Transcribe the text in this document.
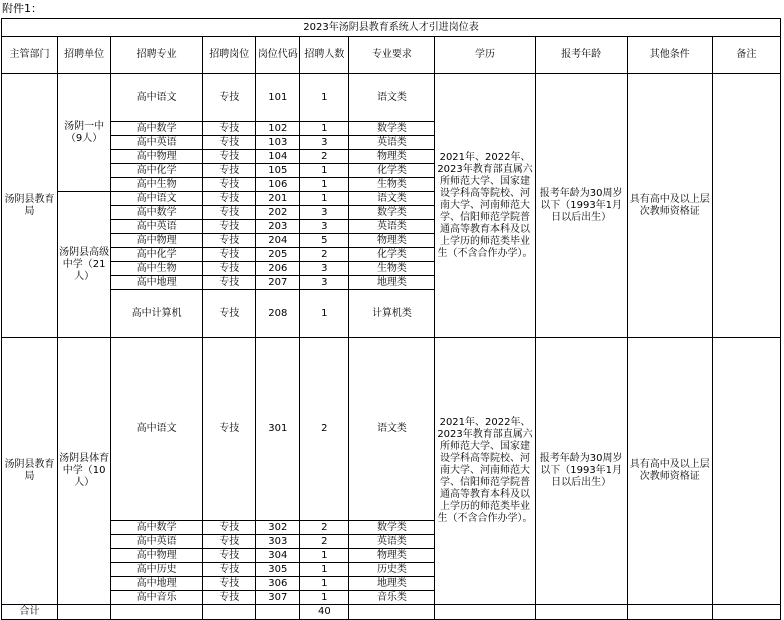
附件1：
2023年汤阴县教育系统人才引进岗位表										
主管部门	招聘单位	招聘专业	招聘岗位	岗位代码	招聘人数	专业要求	学历	报考年龄	其他条件	备注
汤阴县教育局	汤阴一中（9人）	高中语文	专技	101	1	语文类	2021年、2022年、2023年教育部直属六所师范大学、国家建设学科高等院校、河南大学、河南师范大学、信阳师范学院普通高等教育本科及以上学历的师范类毕业生（不含合作办学）。	报考年龄为30周岁以下（1993年1月日以后出生）	具有高中及以上层次教师资格证	
		高中数学	专技	102	1	数学类				
		高中英语	专技	103	3	英语类				
		高中物理	专技	104	2	物理类				
		高中化学	专技	105	1	化学类				
		高中生物	专技	106	1	生物类				
	汤阴县高级中学（21人）	高中语文	专技	201	1	语文类				
		高中数学	专技	202	3	数学类				
		高中英语	专技	203	3	英语类				
		高中物理	专技	204	5	物理类				
		高中化学	专技	205	2	化学类				
		高中生物	专技	206	3	生物类				
		高中地理	专技	207	3	地理类				
		高中计算机	专技	208	1	计算机类				
汤阴县教育局	汤阴县体育中学（10人）	高中语文	专技	301	2	语文类	2021年、2022年、2023年教育部直属六所师范大学、国家建设学科高等院校、河南大学、河南师范大学、信阳师范学院普通高等教育本科及以上学历的师范类毕业生（不含合作办学）。	报考年龄为30周岁以下（1993年1月日以后出生）	具有高中及以上层次教师资格证	
		高中数学	专技	302	2	数学类				
		高中英语	专技	303	2	英语类				
		高中物理	专技	304	1	物理类				
		高中历史	专技	305	1	历史类				
		高中地理	专技	306	1	地理类				
		高中音乐	专技	307	1	音乐类				
合计					40					
